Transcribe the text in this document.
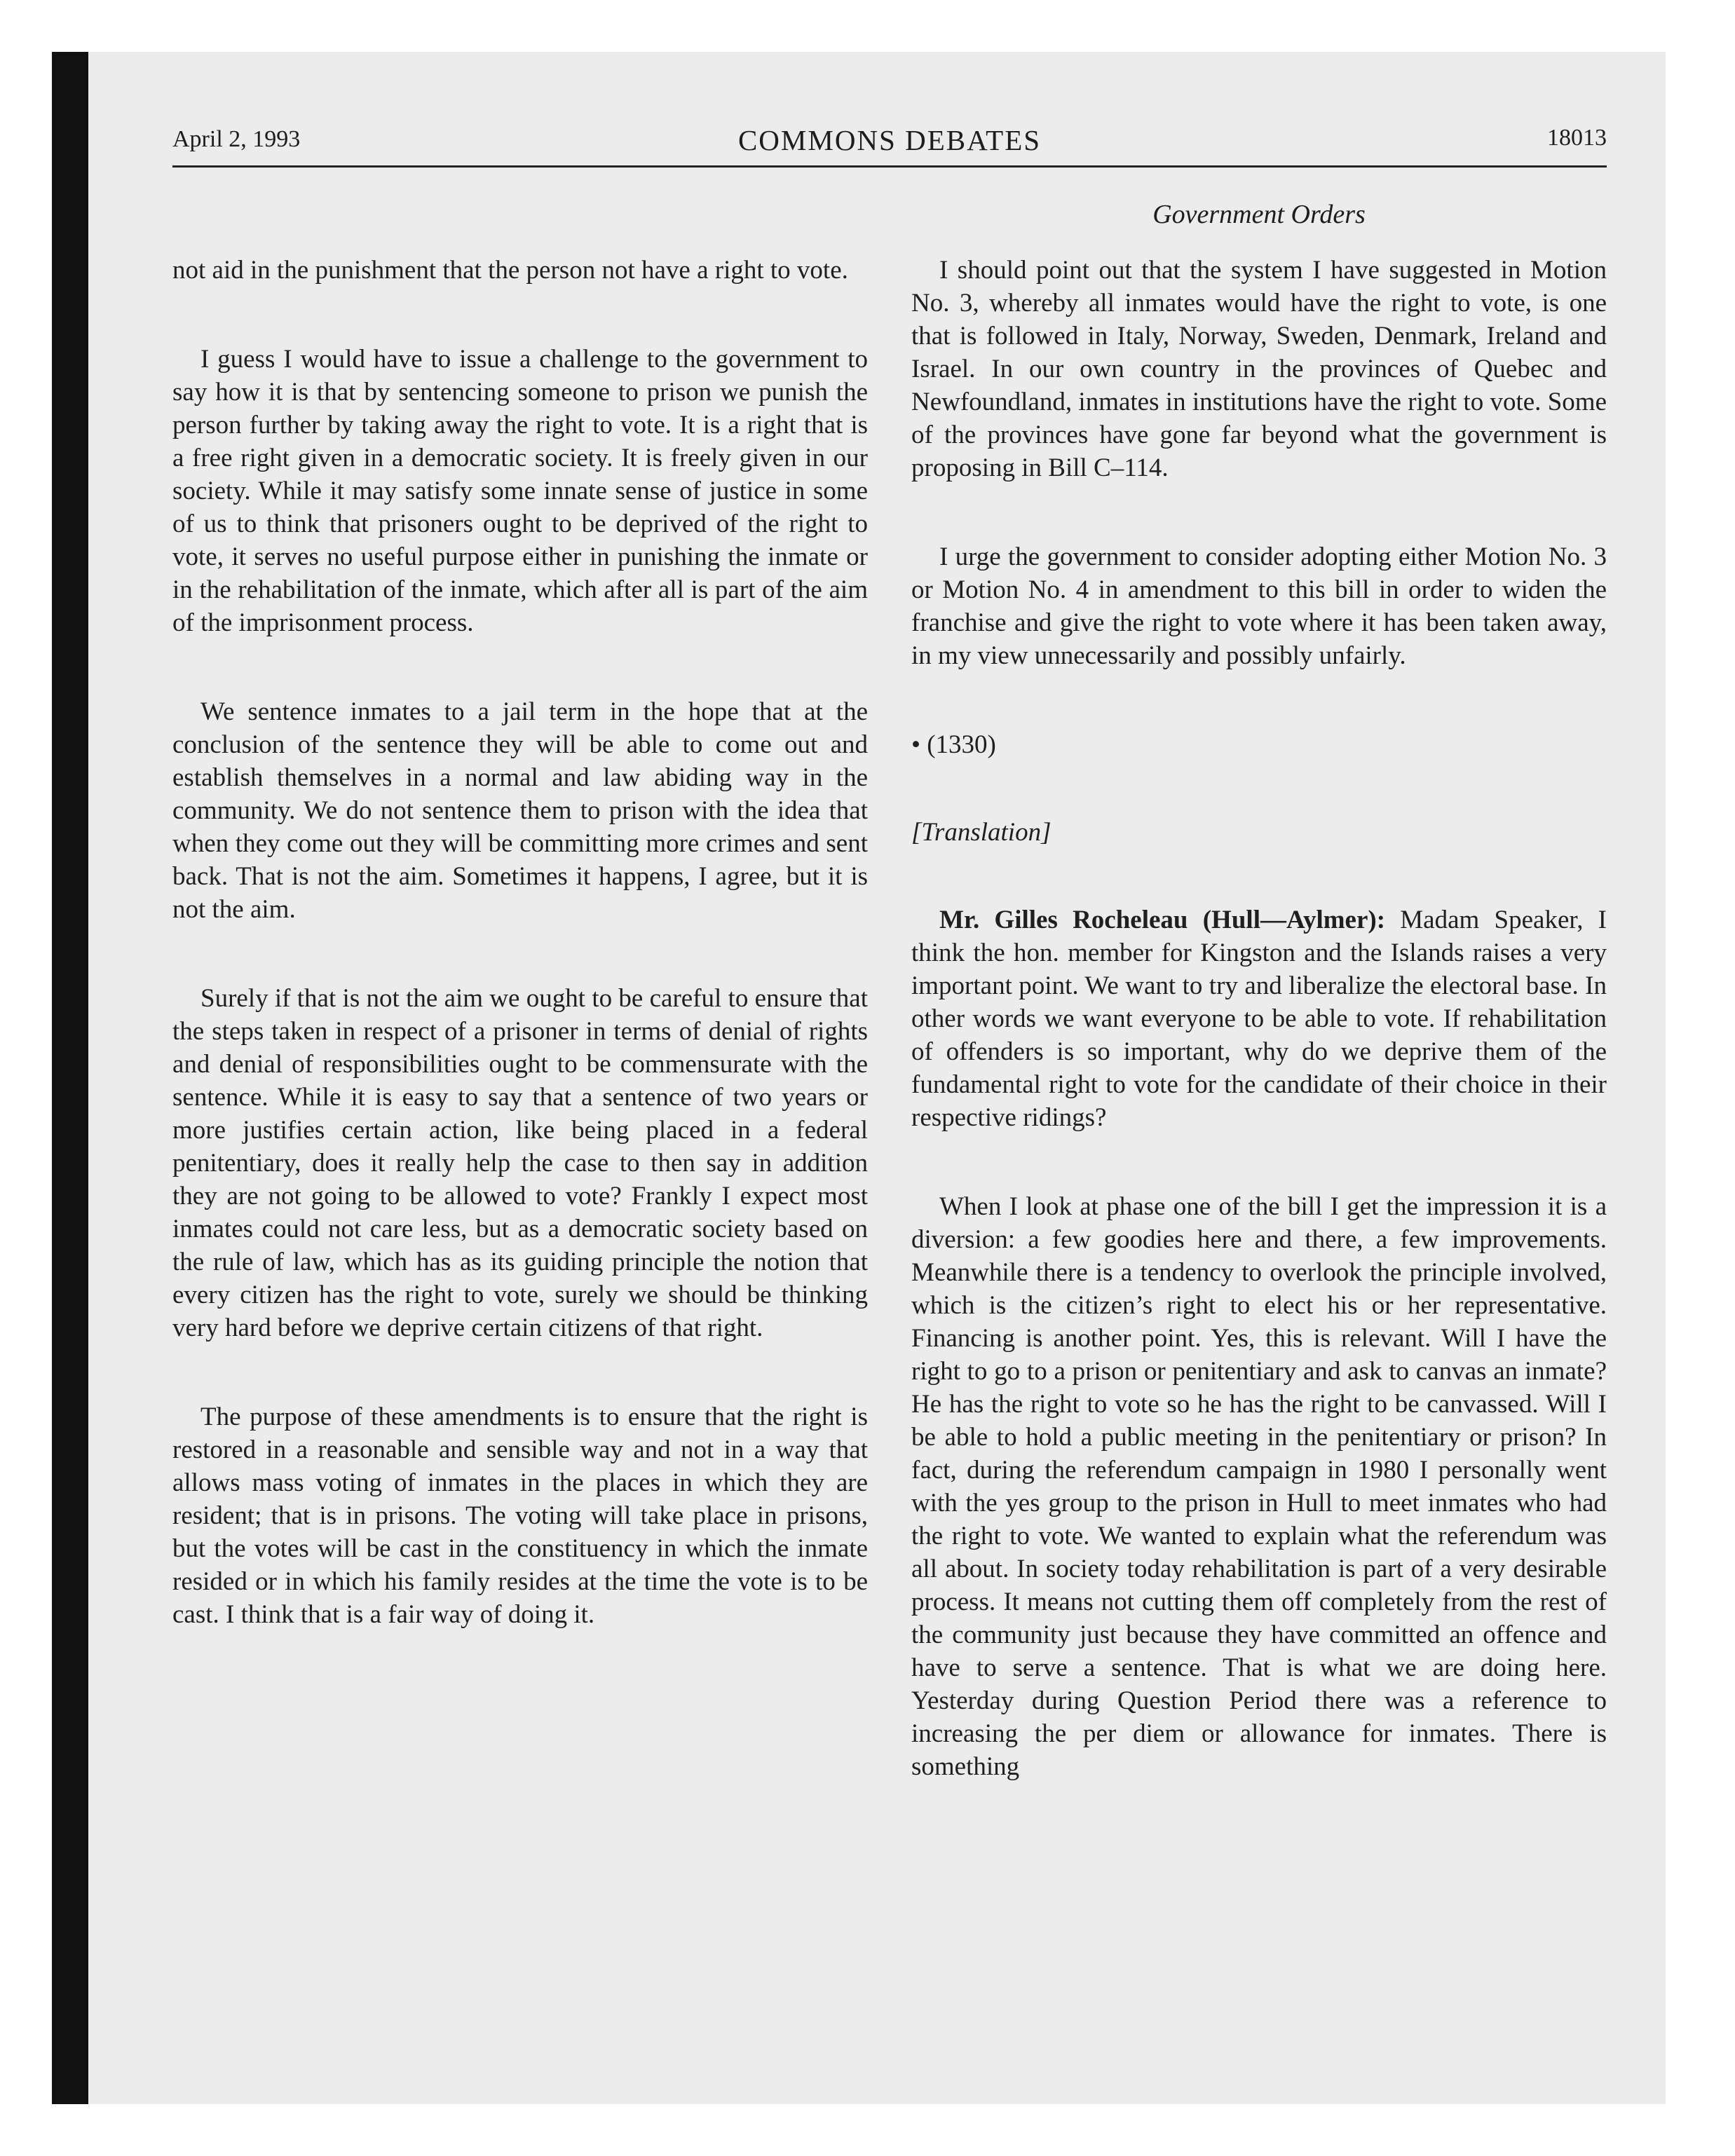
April 2, 1993	COMMONS DEBATES	18013
Government Orders

not aid in the punishment that the person not have a right to vote.

I guess I would have to issue a challenge to the government to say how it is that by sentencing someone to prison we punish the person further by taking away the right to vote. It is a right that is a free right given in a democratic society. It is freely given in our society. While it may satisfy some innate sense of justice in some of us to think that prisoners ought to be deprived of the right to vote, it serves no useful purpose either in punishing the inmate or in the rehabilitation of the inmate, which after all is part of the aim of the imprisonment process.

We sentence inmates to a jail term in the hope that at the conclusion of the sentence they will be able to come out and establish themselves in a normal and law abiding way in the community. We do not sentence them to prison with the idea that when they come out they will be committing more crimes and sent back. That is not the aim. Sometimes it happens, I agree, but it is not the aim.

Surely if that is not the aim we ought to be careful to ensure that the steps taken in respect of a prisoner in terms of denial of rights and denial of responsibilities ought to be commensurate with the sentence. While it is easy to say that a sentence of two years or more justifies certain action, like being placed in a federal penitentiary, does it really help the case to then say in addition they are not going to be allowed to vote? Frankly I expect most inmates could not care less, but as a democratic society based on the rule of law, which has as its guiding principle the notion that every citizen has the right to vote, surely we should be thinking very hard before we deprive certain citizens of that right.

The purpose of these amendments is to ensure that the right is restored in a reasonable and sensible way and not in a way that allows mass voting of inmates in the places in which they are resident; that is in prisons. The voting will take place in prisons, but the votes will be cast in the constituency in which the inmate resided or in which his family resides at the time the vote is to be cast. I think that is a fair way of doing it.

I should point out that the system I have suggested in Motion No. 3, whereby all inmates would have the right to vote, is one that is followed in Italy, Norway, Sweden, Denmark, Ireland and Israel. In our own country in the provinces of Quebec and Newfoundland, inmates in institutions have the right to vote. Some of the provinces have gone far beyond what the government is proposing in Bill C–114.

I urge the government to consider adopting either Motion No. 3 or Motion No. 4 in amendment to this bill in order to widen the franchise and give the right to vote where it has been taken away, in my view unnecessarily and possibly unfairly.

• (1330)

[Translation]

Mr. Gilles Rocheleau (Hull—Aylmer): Madam Speaker, I think the hon. member for Kingston and the Islands raises a very important point. We want to try and liberalize the electoral base. In other words we want everyone to be able to vote. If rehabilitation of offenders is so important, why do we deprive them of the fundamental right to vote for the candidate of their choice in their respective ridings?

When I look at phase one of the bill I get the impression it is a diversion: a few goodies here and there, a few improvements. Meanwhile there is a tendency to overlook the principle involved, which is the citizen’s right to elect his or her representative. Financing is another point. Yes, this is relevant. Will I have the right to go to a prison or penitentiary and ask to canvas an inmate? He has the right to vote so he has the right to be canvassed. Will I be able to hold a public meeting in the penitentiary or prison? In fact, during the referendum campaign in 1980 I personally went with the yes group to the prison in Hull to meet inmates who had the right to vote. We wanted to explain what the referendum was all about. In society today rehabilitation is part of a very desirable process. It means not cutting them off completely from the rest of the community just because they have committed an offence and have to serve a sentence. That is what we are doing here. Yesterday during Question Period there was a reference to increasing the per diem or allowance for inmates. There is something
